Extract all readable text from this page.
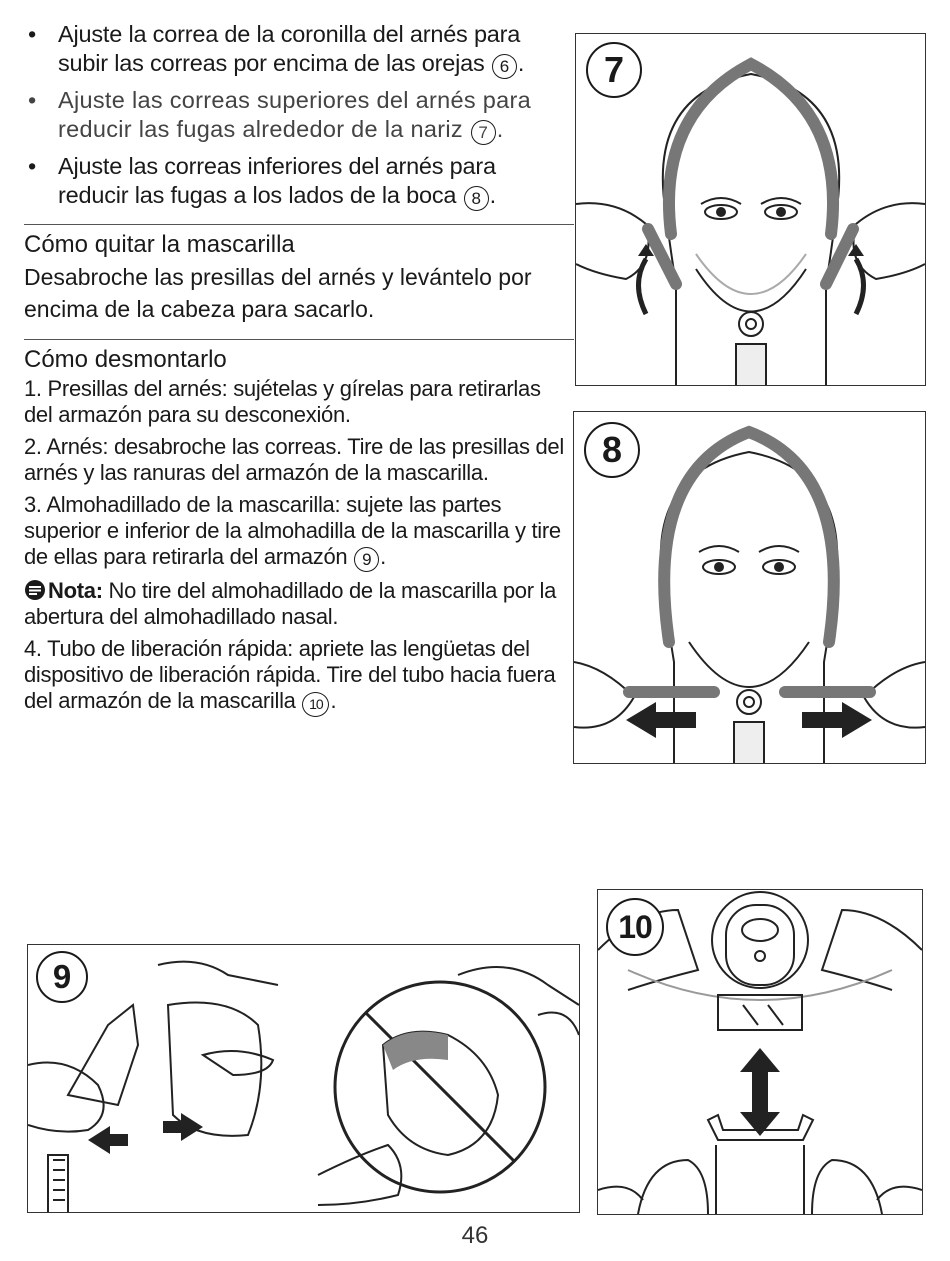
• Ajuste la correa de la coronilla del arnés para subir las correas por encima de las orejas 6 .
• Ajuste las correas superiores del arnés para reducir las fugas alrededor de la nariz 7 .
• Ajuste las correas inferiores del arnés para reducir las fugas a los lados de la boca 8 .
Cómo quitar la mascarilla

Desabroche las presillas del arnés y levántelo por encima de la cabeza para sacarlo.

Cómo desmontarlo

1. Presillas del arnés: sujételas y gírelas para retirarlas del armazón para su desconexión.

2. Arnés: desabroche las correas. Tire de las presillas del arnés y las ranuras del armazón de la mascarilla.

3. Almohadillado de la mascarilla: sujete las partes superior e inferior de la almohadilla de la mascarilla y tire de ellas para retirarla del armazón 9 .

Nota: No tire del almohadillado de la mascarilla por la abertura del almohadillado nasal.

4. Tubo de liberación rápida: apriete las lengüetas del dispositivo de liberación rápida. Tire del tubo hacia fuera del armazón de la mascarilla 10 .

7
8
9
10
46
